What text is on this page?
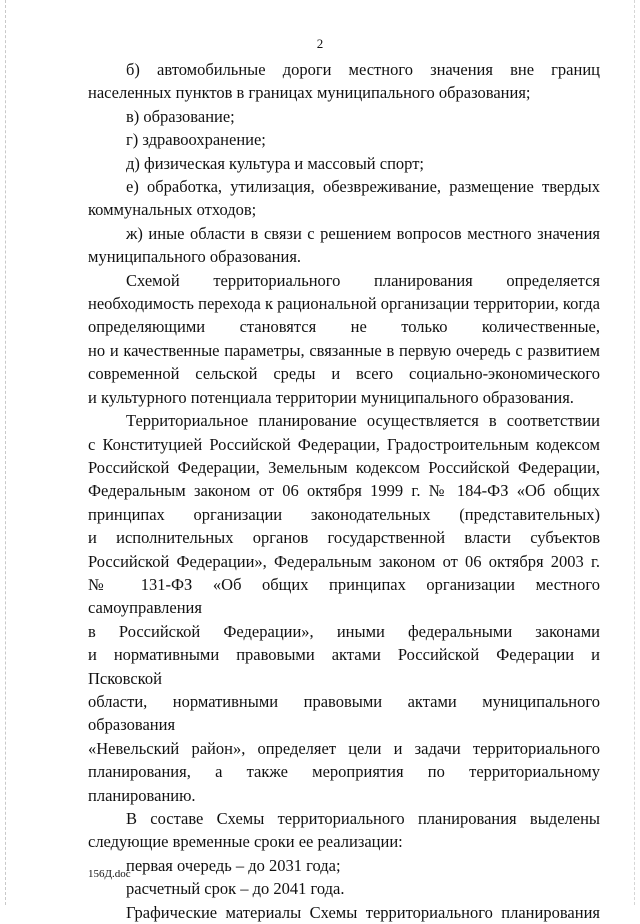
2

б) автомобильные дороги местного значения вне границ

населенных пунктов в границах муниципального образования;

в) образование;

г) здравоохранение;

д) физическая культура и массовый спорт;

е) обработка, утилизация, обезвреживание, размещение твердых

коммунальных отходов;

ж) иные области в связи с решением вопросов местного значения

муниципального образования.

Схемой территориального планирования определяется

необходимость перехода к рациональной организации территории, когда

определяющими становятся не только количественные,

но и качественные параметры, связанные в первую очередь с развитием

современной сельской среды и всего социально-экономического

и культурного потенциала территории муниципального образования.

Территориальное планирование осуществляется в соответствии

с Конституцией Российской Федерации, Градостроительным кодексом

Российской Федерации, Земельным кодексом Российской Федерации,

Федеральным законом от 06 октября 1999 г. № 184-ФЗ «Об общих

принципах организации законодательных (представительных)

и исполнительных органов государственной власти субъектов

Российской Федерации», Федеральным законом от 06 октября 2003 г.

№ 131-ФЗ «Об общих принципах организации местного самоуправления

в Российской Федерации», иными федеральными законами

и нормативными правовыми актами Российской Федерации и Псковской

области, нормативными правовыми актами муниципального образования

«Невельский район», определяет цели и задачи территориального

планирования, а также мероприятия по территориальному

планированию.

В составе Схемы территориального планирования выделены

следующие временные сроки ее реализации:

первая очередь – до 2031 года;

расчетный срок – до 2041 года.

Графические материалы Схемы территориального планирования

156Д.doc
